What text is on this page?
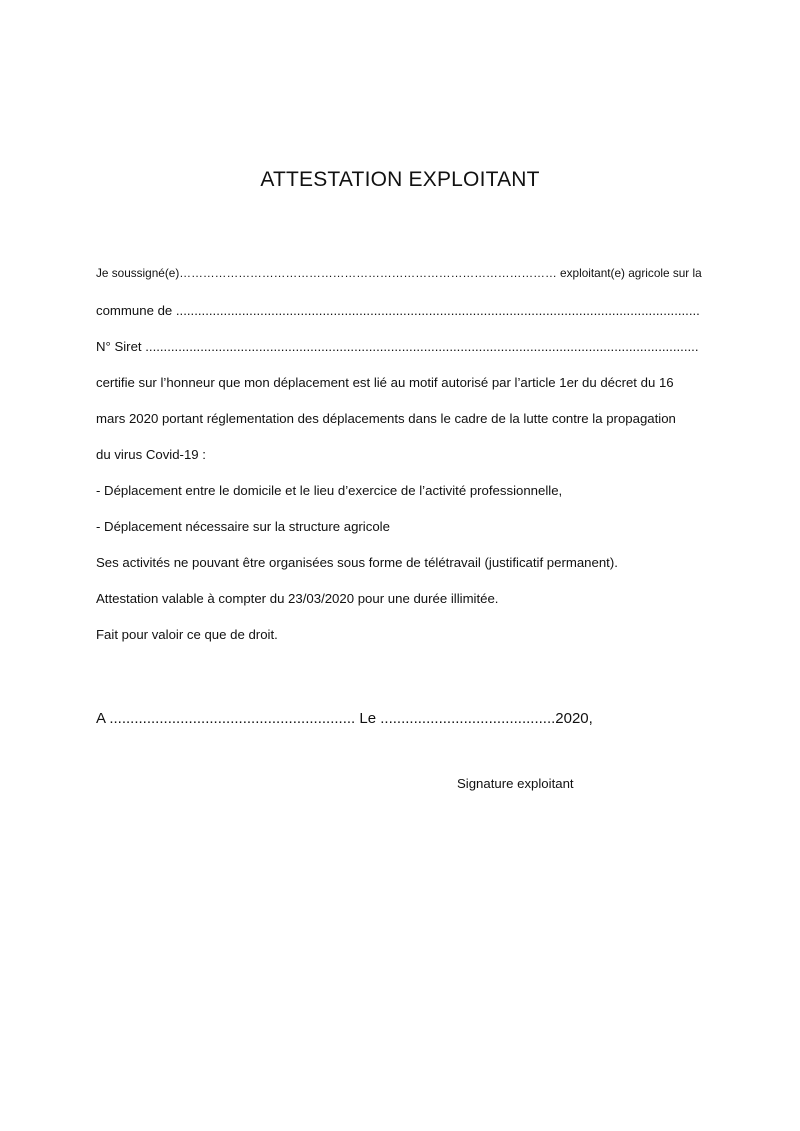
ATTESTATION EXPLOITANT
Je soussigné(e)…………………………………………………………………………………… exploitant(e) agricole sur la
commune de ...............................................................................................................................................
N° Siret .......................................................................................................................................................
certifie sur l’honneur que mon déplacement est lié au motif autorisé par l’article 1er du décret du 16
mars 2020 portant réglementation des déplacements dans le cadre de la lutte contre la propagation
du virus Covid-19 :
- Déplacement entre le domicile et le lieu d’exercice de l’activité professionnelle,
- Déplacement nécessaire sur la structure agricole
Ses activités ne pouvant être organisées sous forme de télétravail (justificatif permanent).
Attestation valable à compter du 23/03/2020 pour une durée illimitée.
Fait pour valoir ce que de droit.
A ........................................................... Le ..........................................2020,
Signature exploitant
